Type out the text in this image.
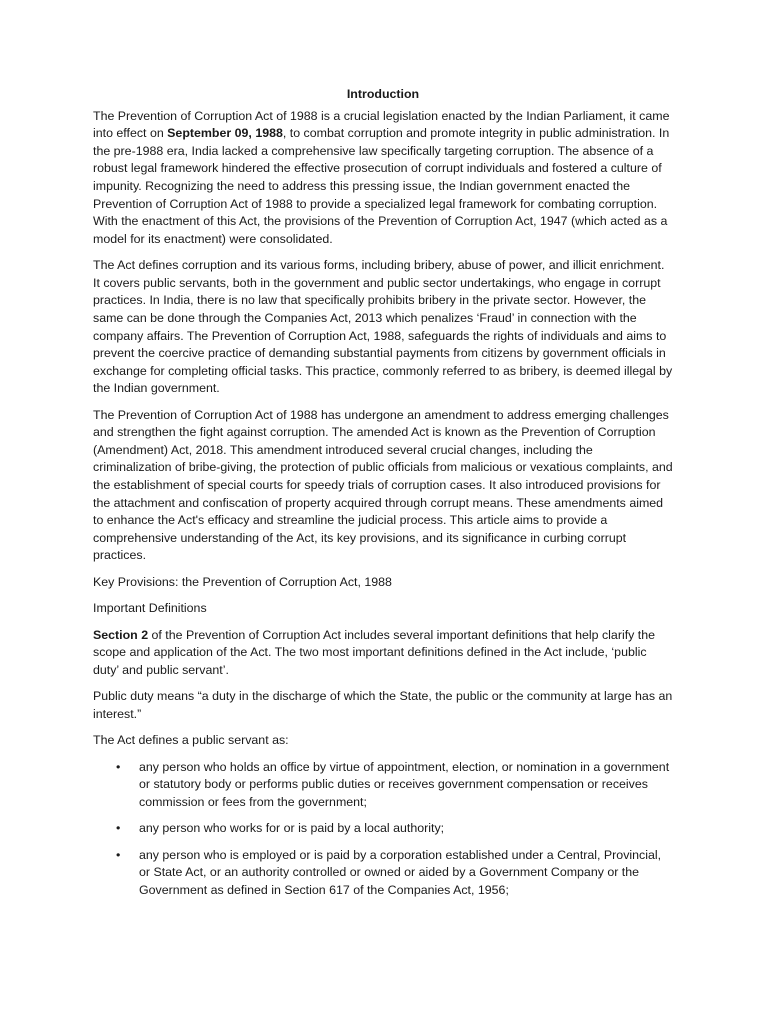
Introduction

The Prevention of Corruption Act of 1988 is a crucial legislation enacted by the Indian Parliament, it came into effect on September 09, 1988, to combat corruption and promote integrity in public administration. In the pre-1988 era, India lacked a comprehensive law specifically targeting corruption. The absence of a robust legal framework hindered the effective prosecution of corrupt individuals and fostered a culture of impunity. Recognizing the need to address this pressing issue, the Indian government enacted the Prevention of Corruption Act of 1988 to provide a specialized legal framework for combating corruption. With the enactment of this Act, the provisions of the Prevention of Corruption Act, 1947 (which acted as a model for its enactment) were consolidated.

The Act defines corruption and its various forms, including bribery, abuse of power, and illicit enrichment. It covers public servants, both in the government and public sector undertakings, who engage in corrupt practices. In India, there is no law that specifically prohibits bribery in the private sector. However, the same can be done through the Companies Act, 2013 which penalizes ‘Fraud’ in connection with the company affairs. The Prevention of Corruption Act, 1988, safeguards the rights of individuals and aims to prevent the coercive practice of demanding substantial payments from citizens by government officials in exchange for completing official tasks. This practice, commonly referred to as bribery, is deemed illegal by the Indian government.

The Prevention of Corruption Act of 1988 has undergone an amendment to address emerging challenges and strengthen the fight against corruption. The amended Act is known as the Prevention of Corruption (Amendment) Act, 2018. This amendment introduced several crucial changes, including the criminalization of bribe-giving, the protection of public officials from malicious or vexatious complaints, and the establishment of special courts for speedy trials of corruption cases. It also introduced provisions for the attachment and confiscation of property acquired through corrupt means. These amendments aimed to enhance the Act's efficacy and streamline the judicial process. This article aims to provide a comprehensive understanding of the Act, its key provisions, and its significance in curbing corrupt practices.

Key Provisions: the Prevention of Corruption Act, 1988

Important Definitions

Section 2 of the Prevention of Corruption Act includes several important definitions that help clarify the scope and application of the Act. The two most important definitions defined in the Act include, ‘public duty’ and public servant’.

Public duty means “a duty in the discharge of which the State, the public or the community at large has an interest.”

The Act defines a public servant as:

• any person who holds an office by virtue of appointment, election, or nomination in a government or statutory body or performs public duties or receives government compensation or receives commission or fees from the government;
• any person who works for or is paid by a local authority;
• any person who is employed or is paid by a corporation established under a Central, Provincial, or State Act, or an authority controlled or owned or aided by a Government Company or the Government as defined in Section 617 of the Companies Act, 1956;
